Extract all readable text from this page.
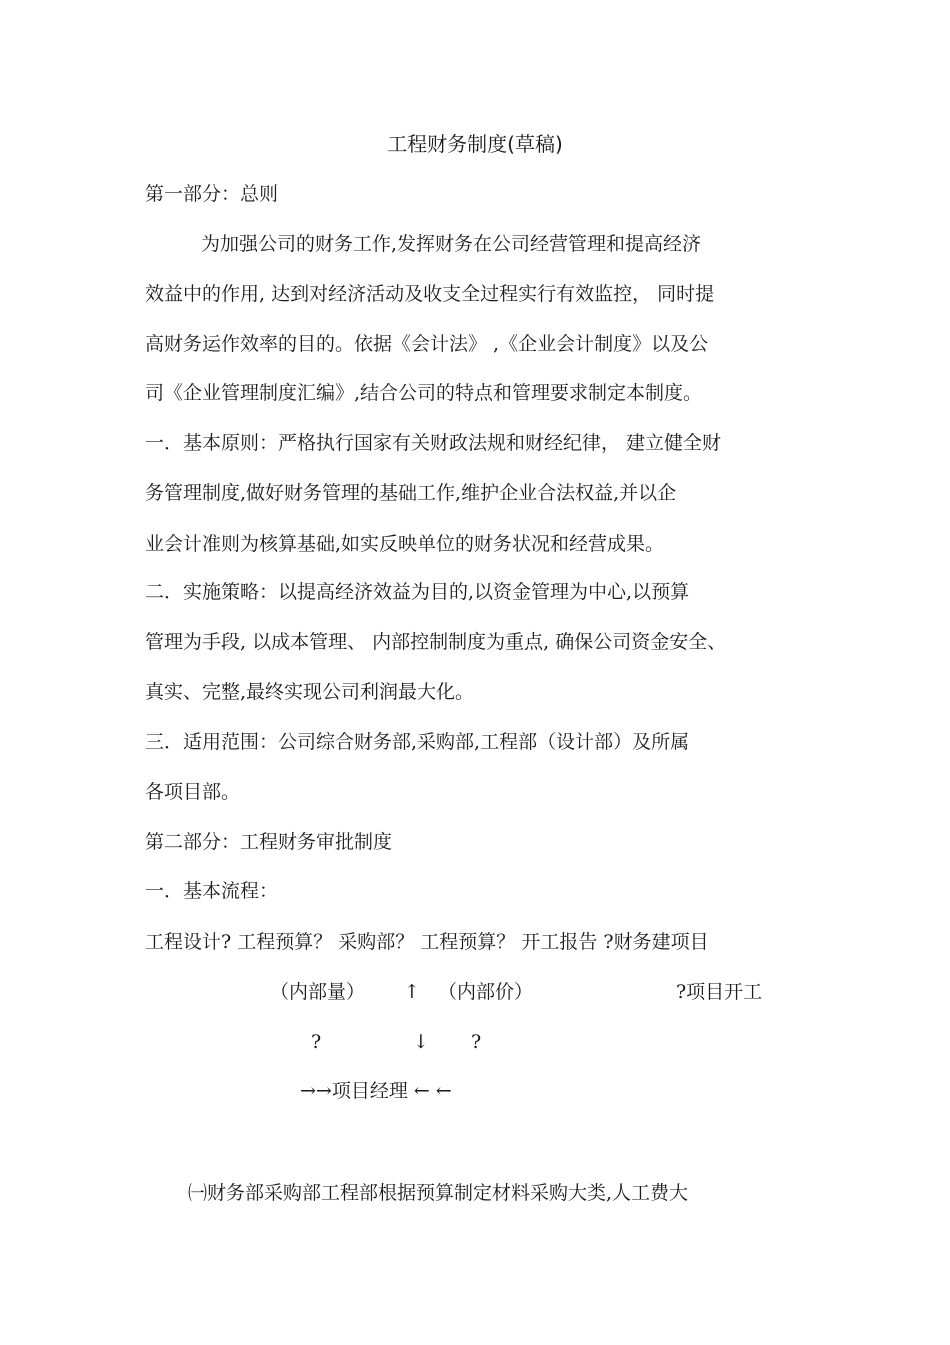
工程财务制度(草稿)
第一部分：总则
为加强公司的财务工作,发挥财务在公司经营管理和提高经济
效益中的作用, 达到对经济活动及收支全过程实行有效监控， 同时提
高财务运作效率的目的。依据《会计法》 ,《企业会计制度》以及公
司《企业管理制度汇编》,结合公司的特点和管理要求制定本制度。
一．基本原则：严格执行国家有关财政法规和财经纪律， 建立健全财
务管理制度,做好财务管理的基础工作,维护企业合法权益,并以企
业会计准则为核算基础,如实反映单位的财务状况和经营成果。
二．实施策略：以提高经济效益为目的,以资金管理为中心,以预算
管理为手段, 以成本管理、 内部控制制度为重点, 确保公司资金安全、
真实、完整,最终实现公司利润最大化。
三．适用范围：公司综合财务部,采购部,工程部（设计部）及所属
各项目部。
第二部分：工程财务审批制度
一．基本流程：
工程设计? 工程预算？ 采购部？ 工程预算？ 开工报告 ?财务建项目
（内部量） ↑ （内部价）	?项目开工
?	↓ ?
→→项目经理 ← ←
㈠财务部采购部工程部根据预算制定材料采购大类,人工费大
